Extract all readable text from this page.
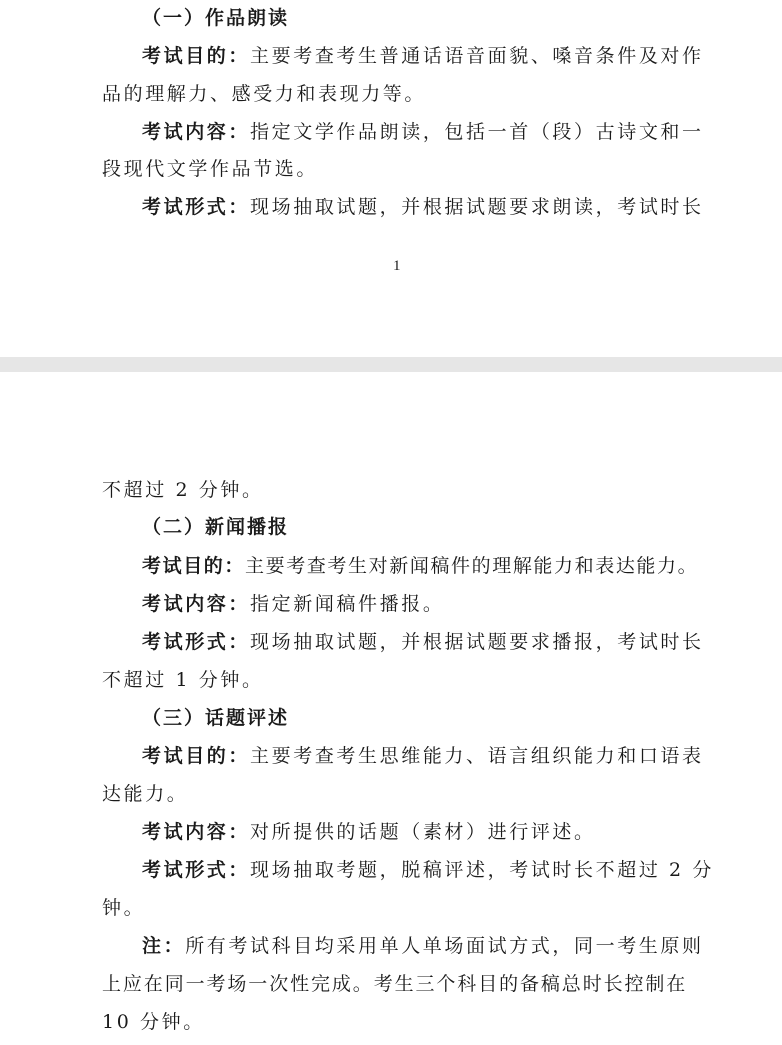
（一）作品朗读
考试目的：主要考查考生普通话语音面貌、嗓音条件及对作
品的理解力、感受力和表现力等。
考试内容：指定文学作品朗读，包括一首（段）古诗文和一
段现代文学作品节选。
考试形式：现场抽取试题，并根据试题要求朗读，考试时长
1
不超过 2 分钟。
（二）新闻播报
考试目的：主要考查考生对新闻稿件的理解能力和表达能力。
考试内容：指定新闻稿件播报。
考试形式：现场抽取试题，并根据试题要求播报，考试时长
不超过 1 分钟。
（三）话题评述
考试目的：主要考查考生思维能力、语言组织能力和口语表
达能力。
考试内容：对所提供的话题（素材）进行评述。
考试形式：现场抽取考题，脱稿评述，考试时长不超过 2 分
钟。
注：所有考试科目均采用单人单场面试方式，同一考生原则
上应在同一考场一次性完成。考生三个科目的备稿总时长控制在
10 分钟。
